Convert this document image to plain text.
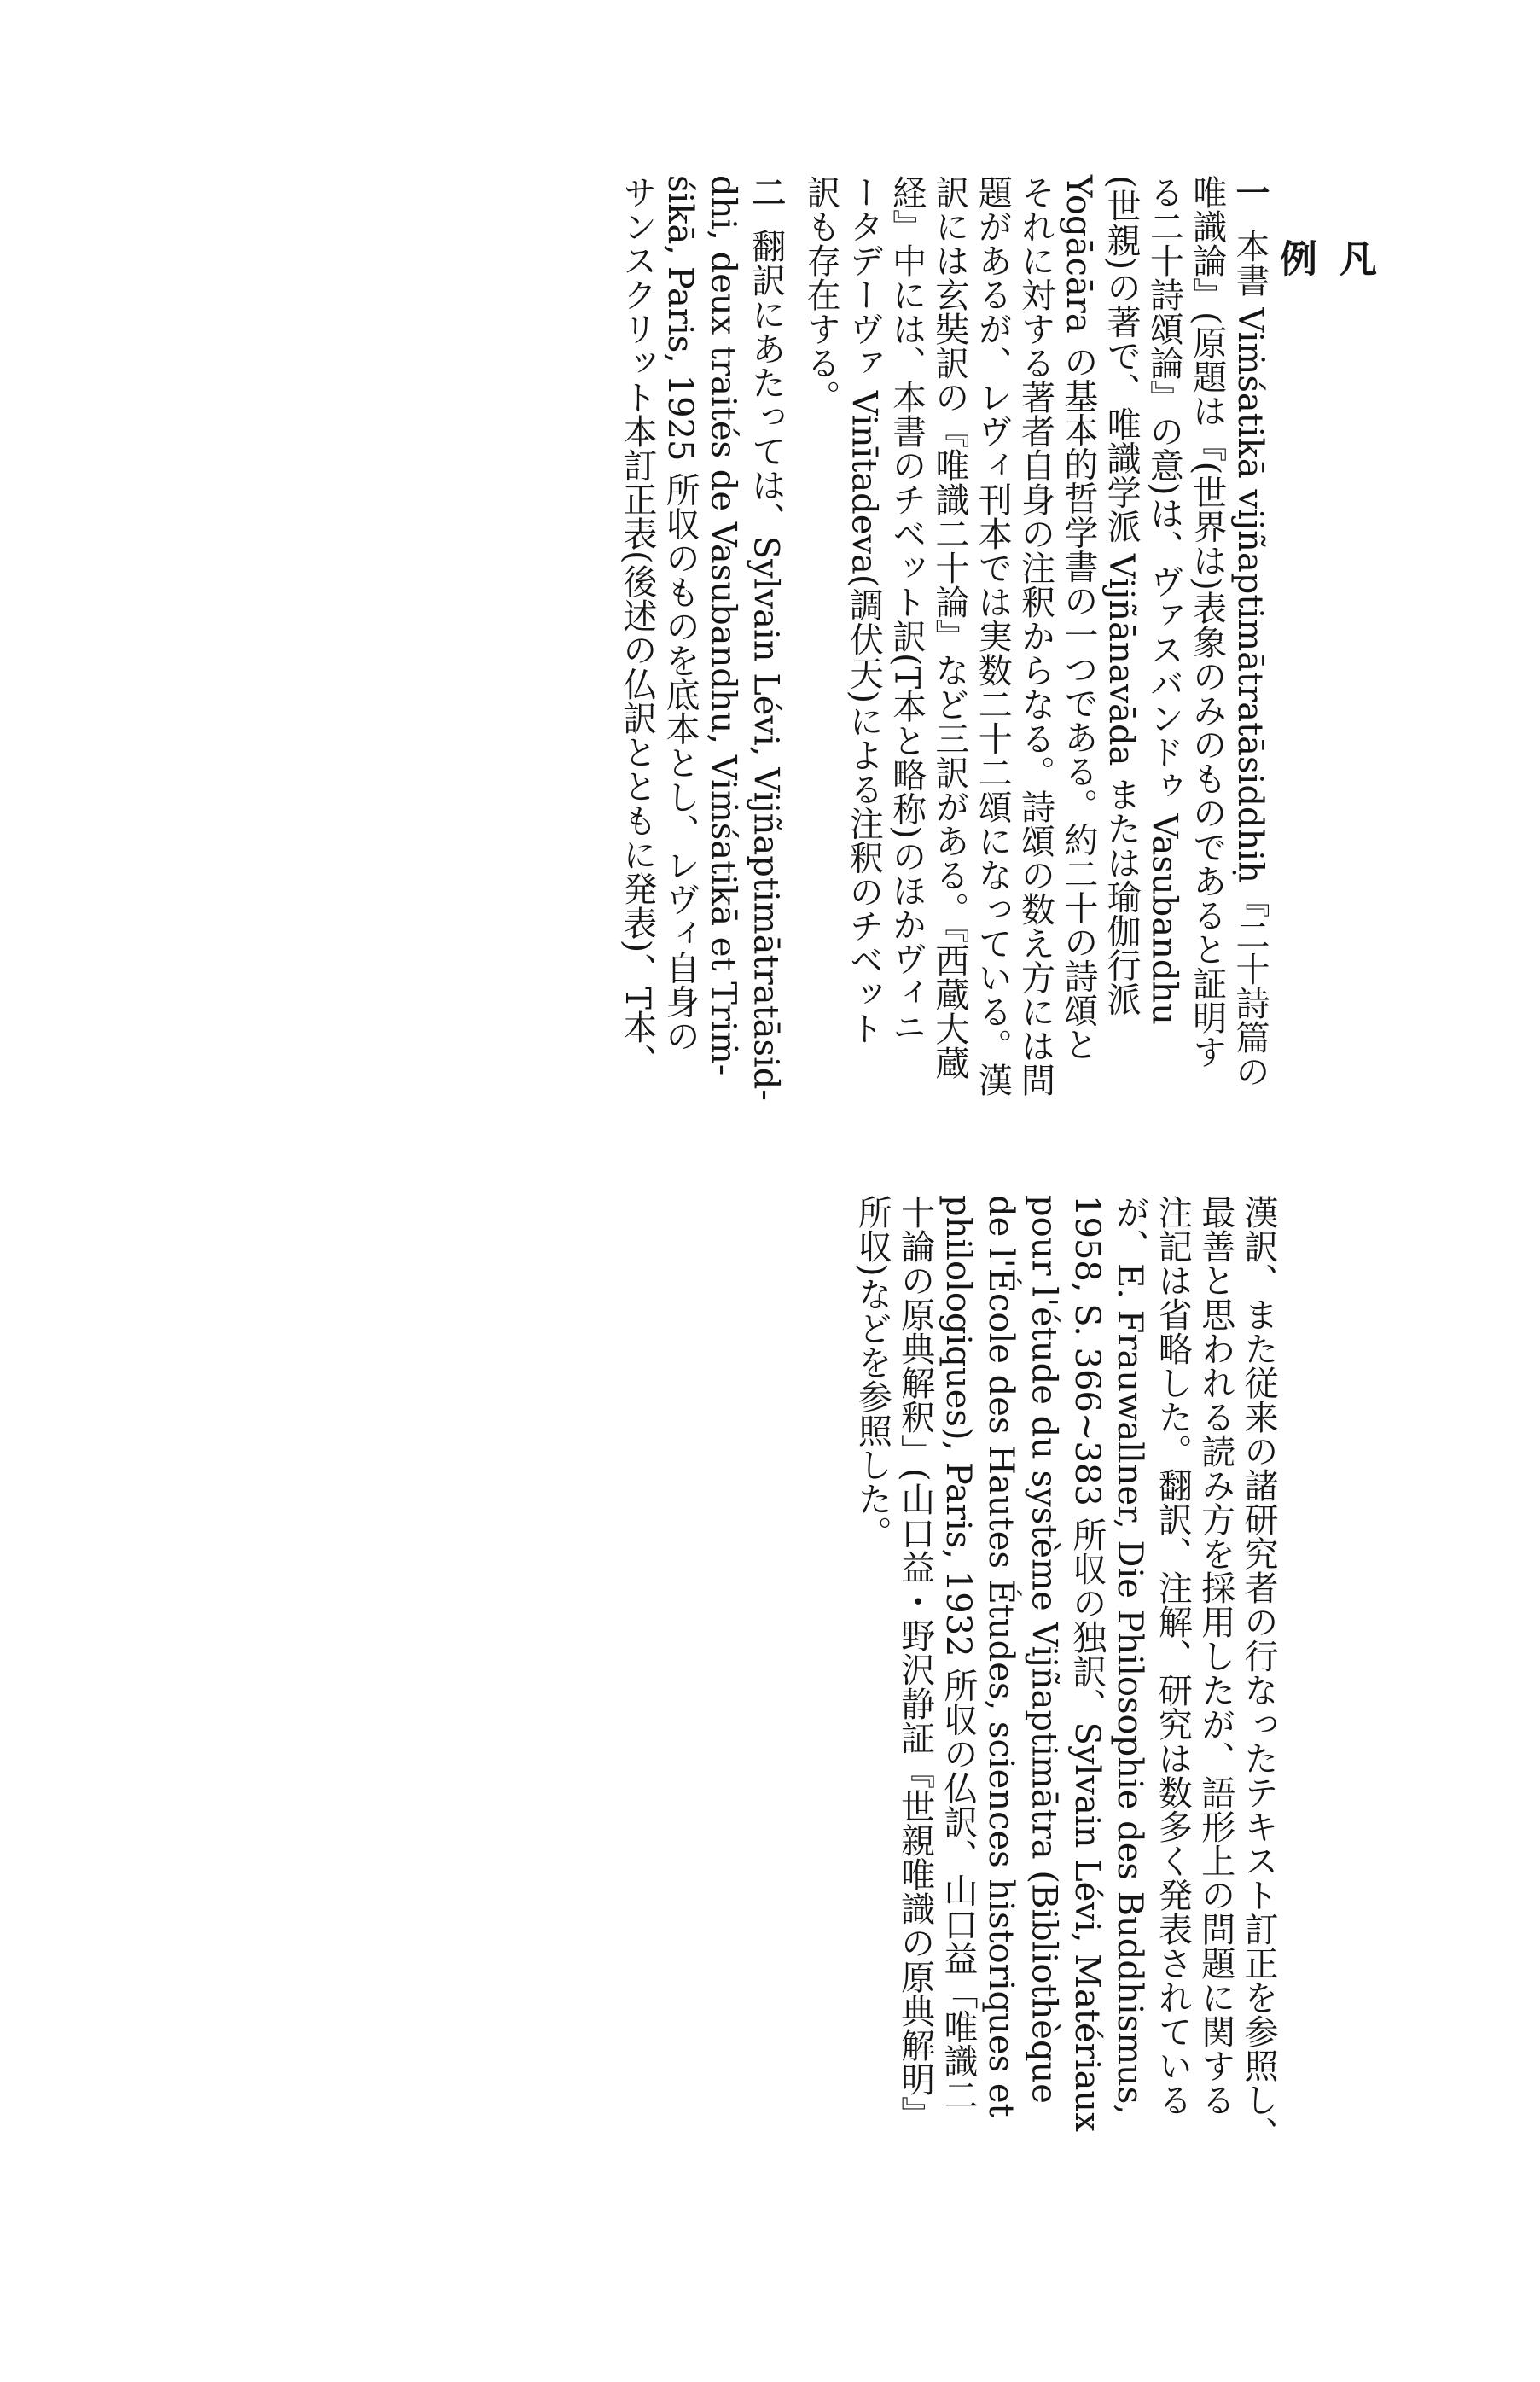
凡 例
一 本書 Viṁśatikā vijñaptimātratāsiddhiḥ『二十詩篇の
唯識論』(原題は『(世界は)表象のみのものであると証明す
る二十詩頌論』の意)は、ヴァスバンドゥ Vasubandhu
(世親)の著で、唯識学派 Vijñānavāda または瑜伽行派
Yogācāra の基本的哲学書の一つである。約二十の詩頌と
それに対する著者自身の注釈からなる。詩頌の数え方には問
題があるが、レヴィ刊本では実数二十二頌になっている。漢
訳には玄奘訳の『唯識二十論』など三訳がある。『西蔵大蔵
経』中には、本書のチベット訳(T本と略称)のほかヴィニ
ータデーヴァ Vinītadeva(調伏天)による注釈のチベット
訳も存在する。
二 翻訳にあたっては、Sylvain Lévi, Vijñaptimātratāsid-
dhi, deux traités de Vasubandhu, Viṁśatikā et Triṁ-
śikā, Paris, 1925 所収のものを底本とし、レヴィ自身の
サンスクリット本訂正表(後述の仏訳とともに発表)、T本、
漢訳、また従来の諸研究者の行なったテキスト訂正を参照し、
最善と思われる読み方を採用したが、語形上の問題に関する
注記は省略した。翻訳、注解、研究は数多く発表されている
が、E. Frauwallner, Die Philosophie des Buddhismus,
1958, S. 366~383 所収の独訳、Sylvain Lévi, Matériaux
pour l'étude du système Vijñaptimātra (Bibliothèque
de l'École des Hautes Études, sciences historiques et
philologiques), Paris, 1932 所収の仏訳、山口益「唯識二
十論の原典解釈」(山口益・野沢静証『世親唯識の原典解明』
所収)などを参照した。
